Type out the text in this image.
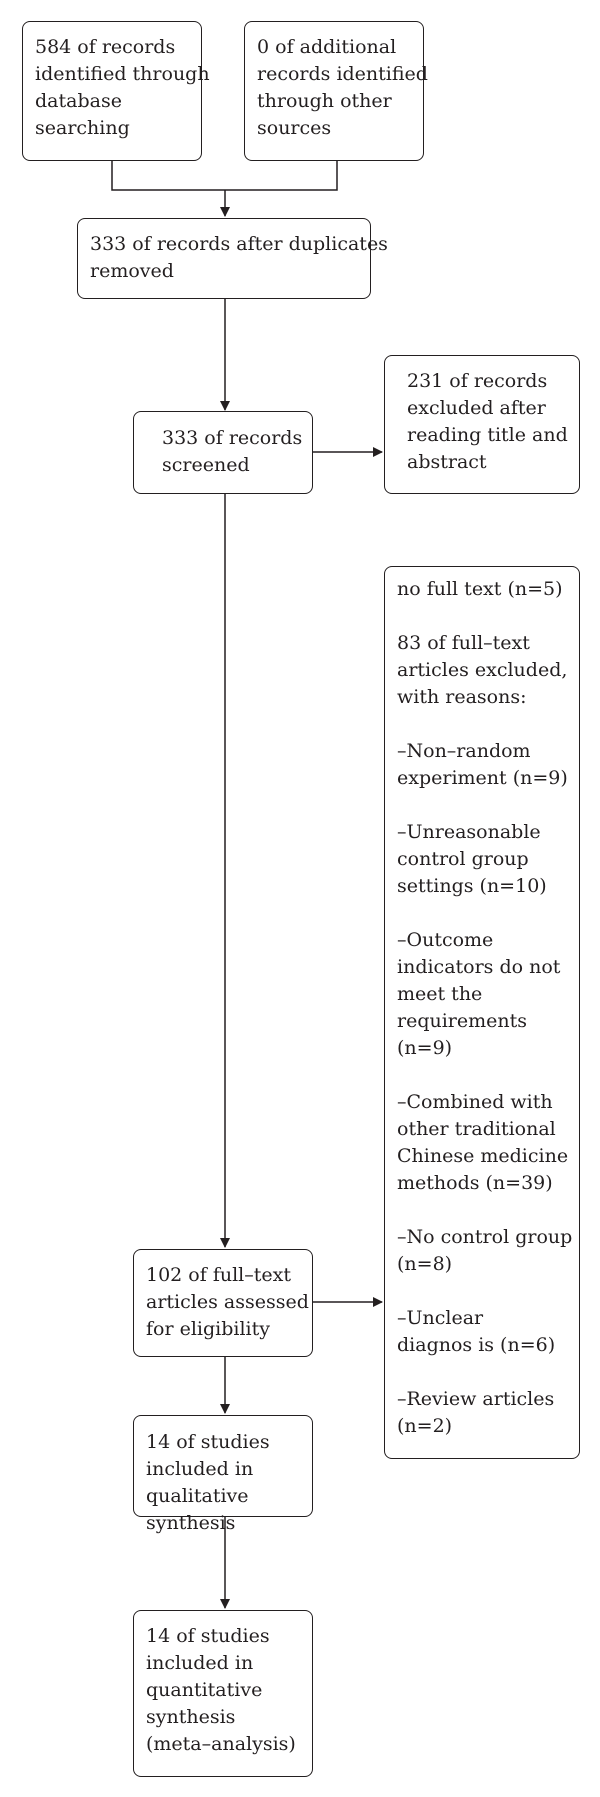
584 of records
identified through
database
searching
0 of additional
records identified
through other
sources
333 of records after duplicates
removed
333 of records
screened
231 of records
excluded after
reading title and
abstract
no full text (n=5)
83 of full–text
articles excluded,
with reasons:
–Non–random
experiment (n=9)
–Unreasonable
control group
settings (n=10)
–Outcome
indicators do not
meet the
requirements
(n=9)
–Combined with
other traditional
Chinese medicine
methods (n=39)
–No control group
(n=8)
–Unclear
diagnos is (n=6)
–Review articles
(n=2)
102 of full–text
articles assessed
for eligibility
14 of studies
included in
qualitative
synthesis
14 of studies
included in
quantitative
synthesis
(meta–analysis)
